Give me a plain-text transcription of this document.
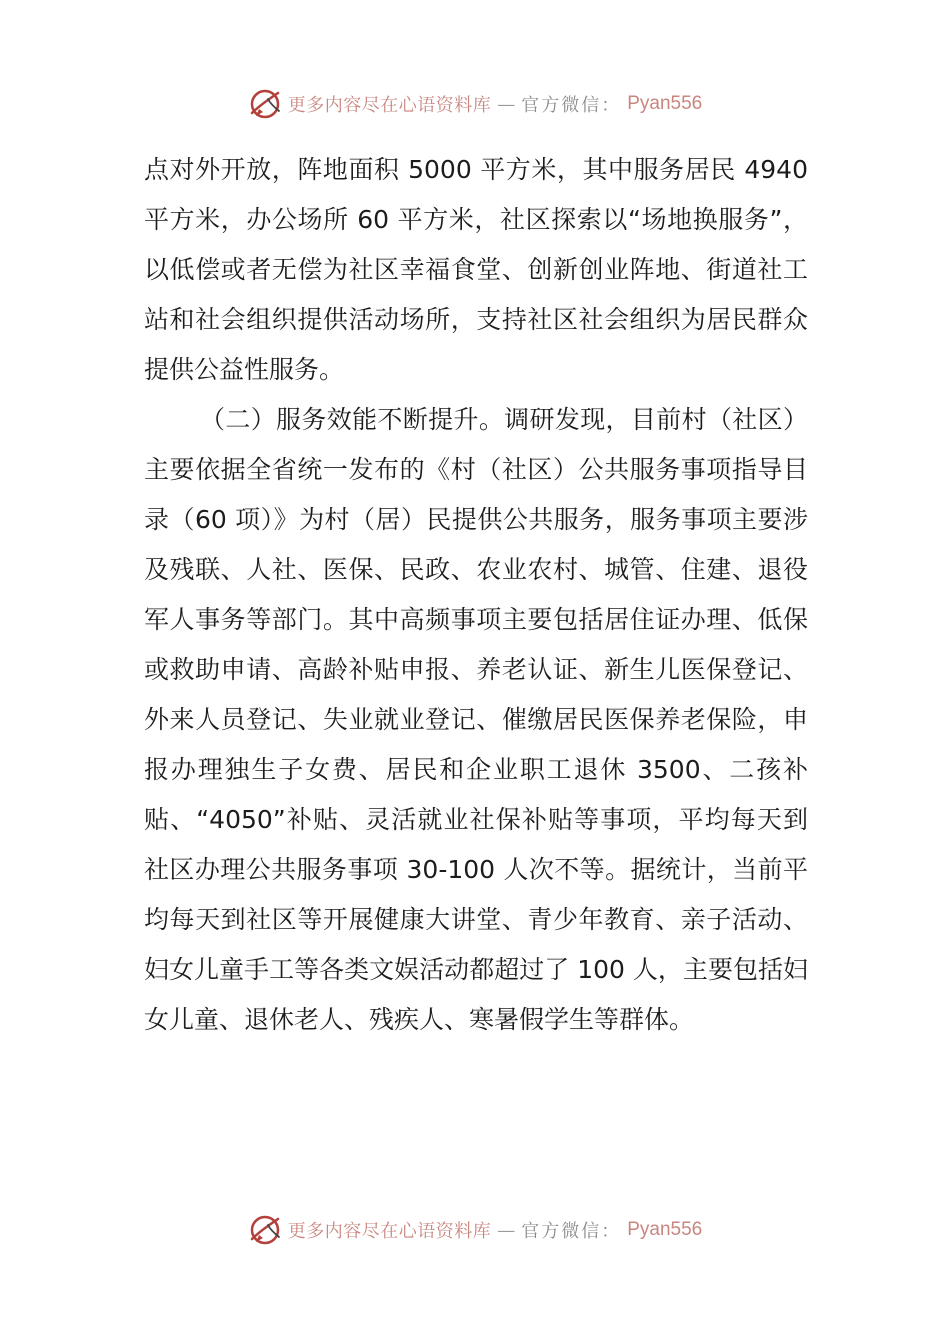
更多内容尽在心语资料库 — 官方微信： Pyan556

点对外开放，阵地面积 5000 平方米，其中服务居民 4940 平方米，办公场所 60 平方米，社区探索以“场地换服务”，以低偿或者无偿为社区幸福食堂、创新创业阵地、街道社工站和社会组织提供活动场所，支持社区社会组织为居民群众提供公益性服务。

（二）服务效能不断提升。调研发现，目前村（社区）主要依据全省统一发布的《村（社区）公共服务事项指导目录（60 项）》为村（居）民提供公共服务，服务事项主要涉及残联、人社、医保、民政、农业农村、城管、住建、退役军人事务等部门。其中高频事项主要包括居住证办理、低保或救助申请、高龄补贴申报、养老认证、新生儿医保登记、外来人员登记、失业就业登记、催缴居民医保养老保险，申报办理独生子女费、居民和企业职工退休 3500、二孩补贴、“4050”补贴、灵活就业社保补贴等事项，平均每天到社区办理公共服务事项 30-100 人次不等。据统计，当前平均每天到社区等开展健康大讲堂、青少年教育、亲子活动、妇女儿童手工等各类文娱活动都超过了 100 人，主要包括妇女儿童、退休老人、残疾人、寒暑假学生等群体。

更多内容尽在心语资料库 — 官方微信： Pyan556
